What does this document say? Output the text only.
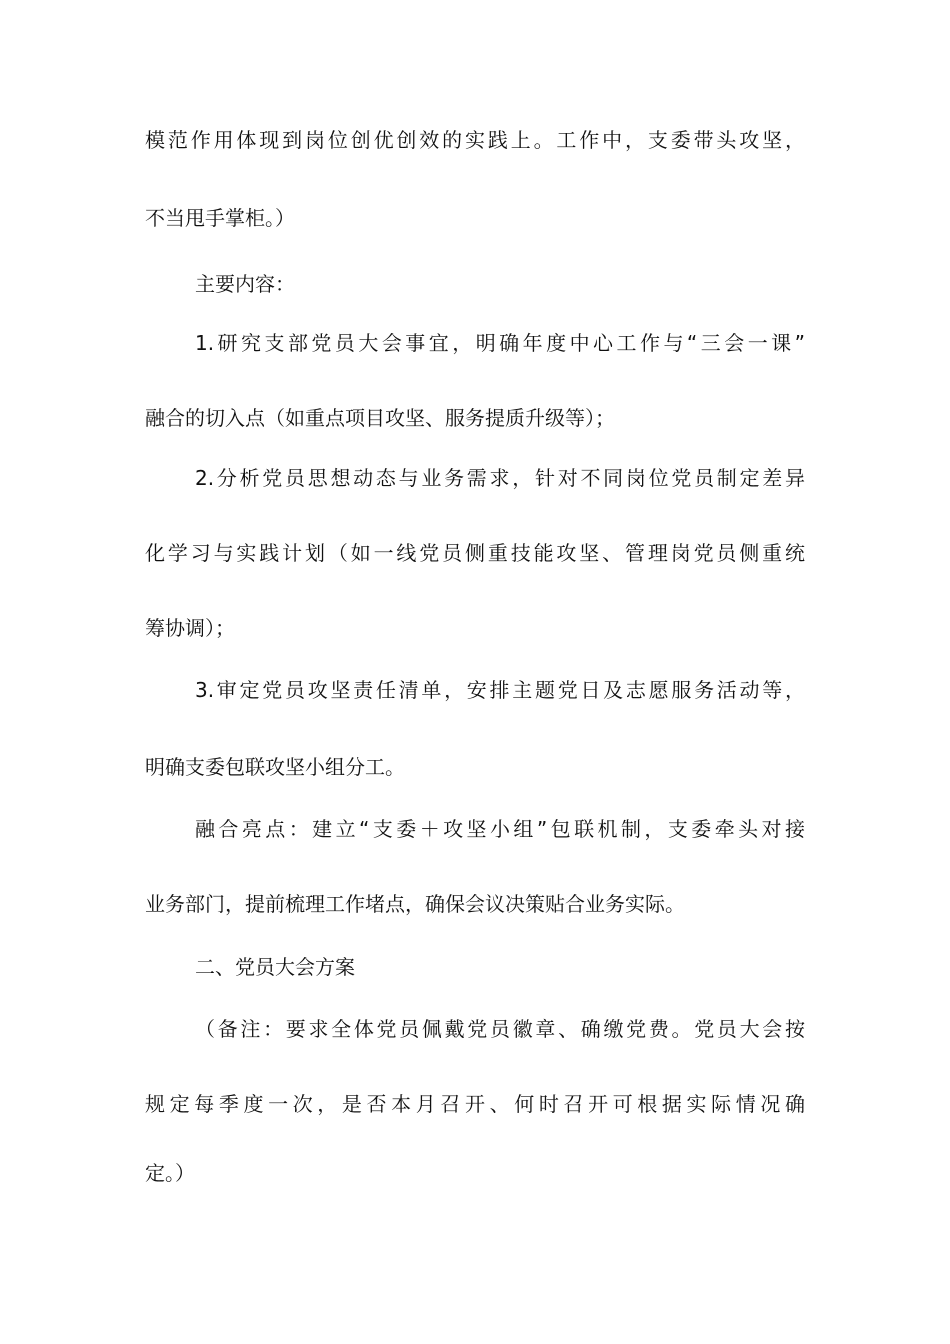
模范作用体现到岗位创优创效的实践上。工作中，支委带头攻坚，
不当甩手掌柜。）
主要内容：
1.研究支部党员大会事宜，明确年度中心工作与“三会一课”
融合的切入点（如重点项目攻坚、服务提质升级等）；
2.分析党员思想动态与业务需求，针对不同岗位党员制定差异
化学习与实践计划（如一线党员侧重技能攻坚、管理岗党员侧重统
筹协调）；
3.审定党员攻坚责任清单，安排主题党日及志愿服务活动等，
明确支委包联攻坚小组分工。
融合亮点：建立“支委＋攻坚小组”包联机制，支委牵头对接
业务部门，提前梳理工作堵点，确保会议决策贴合业务实际。
二、党员大会方案
（备注：要求全体党员佩戴党员徽章、确缴党费。党员大会按
规定每季度一次，是否本月召开、何时召开可根据实际情况确
定。）
